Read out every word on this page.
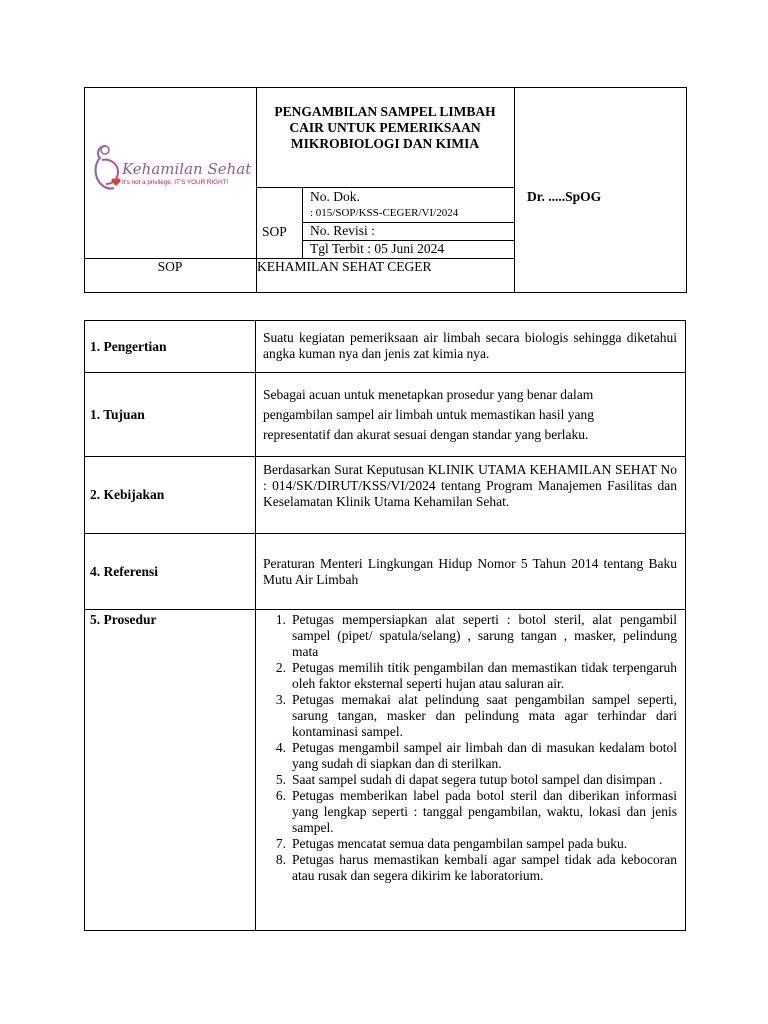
Kehamilan Sehat
It's not a privilege, IT'S YOUR RIGHT!
PENGAMBILAN SAMPEL LIMBAH CAIR UNTUK PEMERIKSAAN MIKROBIOLOGI DAN KIMIA
SOP
No. Dok.
: 015/SOP/KSS-CEGER/VI/2024
No. Revisi :
Tgl Terbit : 05 Juni 2024
Dr. .....SpOG
SOP	KEHAMILAN SEHAT CEGER
1. Pengertian
Suatu kegiatan pemeriksaan air limbah secara biologis sehingga diketahui angka kuman nya dan jenis zat kimia nya.
1. Tujuan
Sebagai acuan untuk menetapkan prosedur yang benar dalam pengambilan sampel air limbah untuk memastikan hasil yang representatif dan akurat sesuai dengan standar yang berlaku.
2. Kebijakan
Berdasarkan Surat Keputusan KLINIK UTAMA KEHAMILAN SEHAT No : 014/SK/DIRUT/KSS/VI/2024 tentang Program Manajemen Fasilitas dan Keselamatan Klinik Utama Kehamilan Sehat.
4. Referensi
Peraturan Menteri Lingkungan Hidup Nomor 5 Tahun 2014 tentang Baku Mutu Air Limbah
5. Prosedur	1. Petugas mempersiapkan alat seperti : botol steril, alat pengambil sampel (pipet/ spatula/selang) , sarung tangan , masker, pelindung mata
2. Petugas memilih titik pengambilan dan memastikan tidak terpengaruh oleh faktor eksternal seperti hujan atau saluran air.
3. Petugas memakai alat pelindung saat pengambilan sampel seperti, sarung tangan, masker dan pelindung mata agar terhindar dari kontaminasi sampel.
4. Petugas mengambil sampel air limbah dan di masukan kedalam botol yang sudah di siapkan dan di sterilkan.
5. Saat sampel sudah di dapat segera tutup botol sampel dan disimpan .
6. Petugas memberikan label pada botol steril dan diberikan informasi yang lengkap seperti : tanggal pengambilan, waktu, lokasi dan jenis sampel.
7. Petugas mencatat semua data pengambilan sampel pada buku.
8. Petugas harus memastikan kembali agar sampel tidak ada kebocoran atau rusak dan segera dikirim ke laboratorium.
